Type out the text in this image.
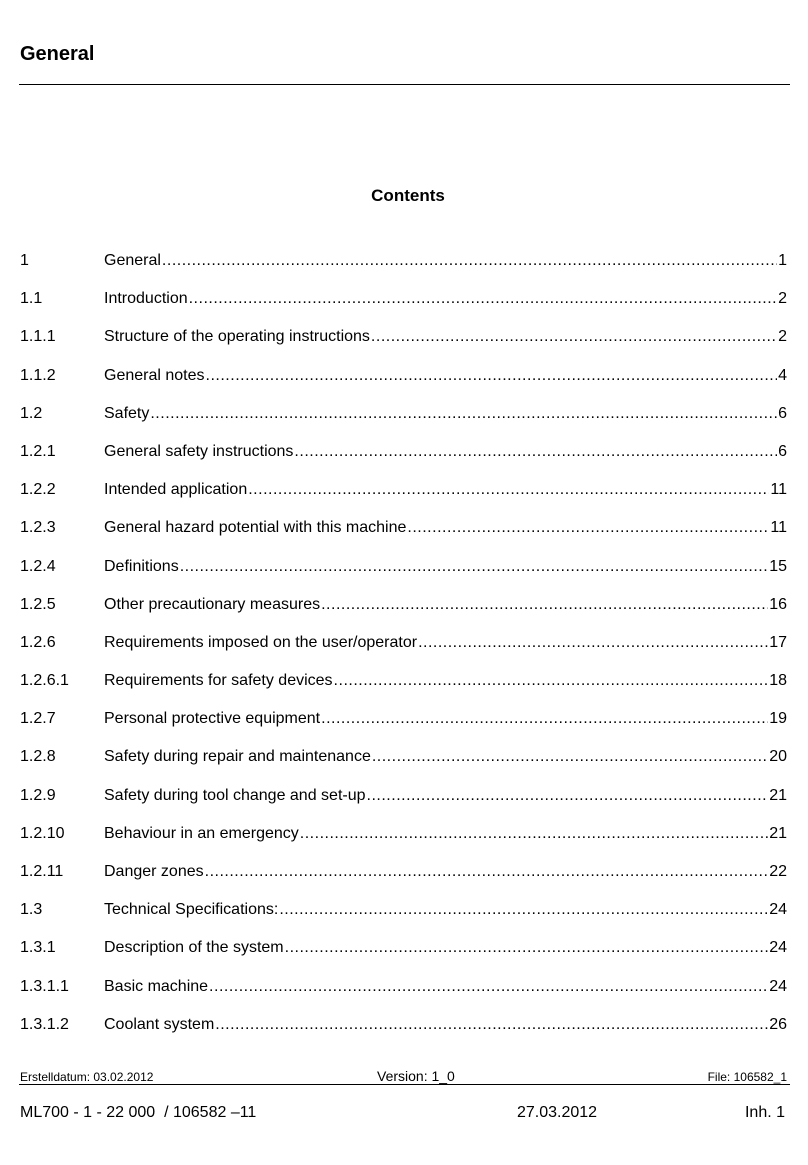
General
Contents
1	General .....	1
1.1	Introduction .....	2
1.1.1	Structure of the operating instructions .....	2
1.1.2	General notes .....	4
1.2	Safety .....	6
1.2.1	General safety instructions .....	6
1.2.2	Intended application .....	11
1.2.3	General hazard potential with this machine .....	11
1.2.4	Definitions .....	15
1.2.5	Other precautionary measures .....	16
1.2.6	Requirements imposed on the user/operator .....	17
1.2.6.1	Requirements for safety devices .....	18
1.2.7	Personal protective equipment .....	19
1.2.8	Safety during repair and maintenance .....	20
1.2.9	Safety during tool change and set-up .....	21
1.2.10	Behaviour in an emergency .....	21
1.2.11	Danger zones .....	22
1.3	Technical Specifications: .....	24
1.3.1	Description of the system .....	24
1.3.1.1	Basic machine .....	24
1.3.1.2	Coolant system .....	26
Erstelldatum: 03.02.2012	Version: 1_0	File: 106582_1
ML700 - 1 - 22 000  / 106582 –11	27.03.2012	Inh. 1
